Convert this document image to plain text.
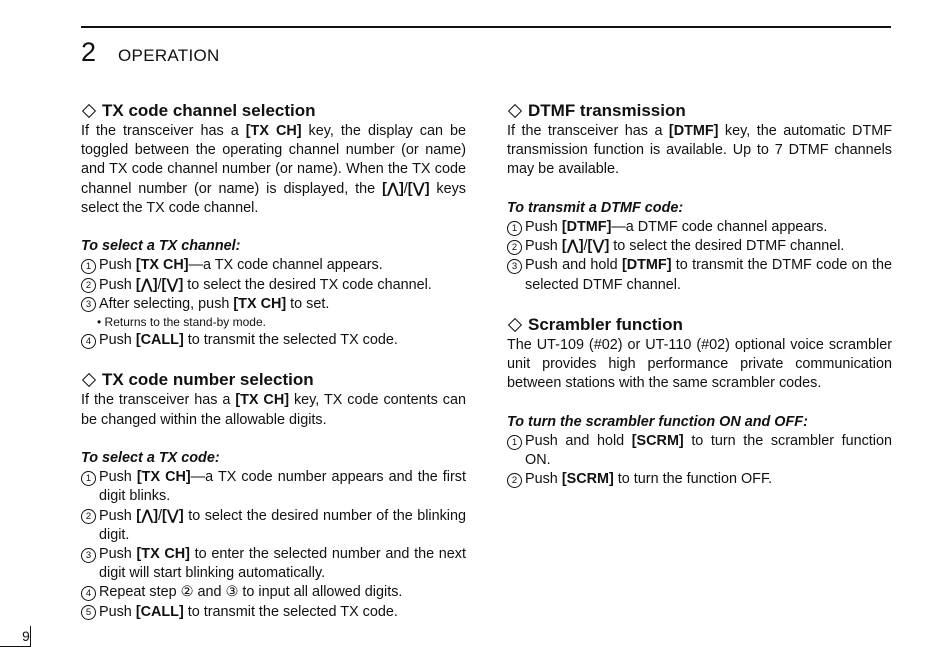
2 OPERATION
TX code channel selection

If the transceiver has a [TX CH] key, the display can be toggled between the operating channel number (or name) and TX code channel number (or name). When the TX code channel number (or name) is displayed, the [⋀]/[⋁] keys select the TX code channel.

To select a TX channel:

1 Push [TX CH]—a TX code channel appears.
2 Push [⋀]/[⋁] to select the desired TX code channel.
3 After selecting, push [TX CH] to set.

• Returns to the stand-by mode.

4 Push [CALL] to transmit the selected TX code.
TX code number selection

If the transceiver has a [TX CH] key, TX code contents can be changed within the allowable digits.

To select a TX code:

1 Push [TX CH]—a TX code number appears and the first digit blinks.
2 Push [⋀]/[⋁] to select the desired number of the blinking digit.
3 Push [TX CH] to enter the selected number and the next digit will start blinking automatically.
4 Repeat step ② and ③ to input all allowed digits.
5 Push [CALL] to transmit the selected TX code.
DTMF transmission

If the transceiver has a [DTMF] key, the automatic DTMF transmission function is available. Up to 7 DTMF channels may be available.

To transmit a DTMF code:

1 Push [DTMF]—a DTMF code channel appears.
2 Push [⋀]/[⋁] to select the desired DTMF channel.
3 Push and hold [DTMF] to transmit the DTMF code on the selected DTMF channel.
Scrambler function

The UT-109 (#02) or UT-110 (#02) optional voice scrambler unit provides high performance private communication between stations with the same scrambler codes.

To turn the scrambler function ON and OFF:

1 Push and hold [SCRM] to turn the scrambler function ON.
2 Push [SCRM] to turn the function OFF.
9
